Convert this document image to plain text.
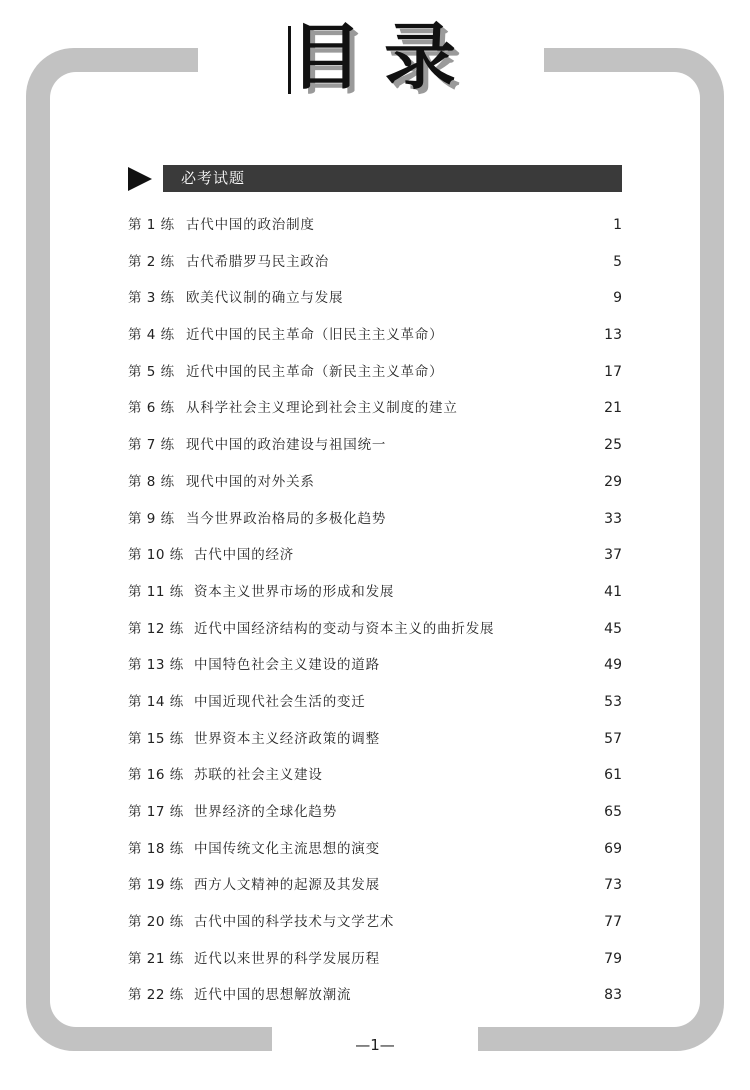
目录
必考试题
第 1 练 古代中国的政治制度	1
第 2 练 古代希腊罗马民主政治	5
第 3 练 欧美代议制的确立与发展	9
第 4 练 近代中国的民主革命（旧民主主义革命）	13
第 5 练 近代中国的民主革命（新民主主义革命）	17
第 6 练 从科学社会主义理论到社会主义制度的建立	21
第 7 练 现代中国的政治建设与祖国统一	25
第 8 练 现代中国的对外关系	29
第 9 练 当今世界政治格局的多极化趋势	33
第 10 练 古代中国的经济	37
第 11 练 资本主义世界市场的形成和发展	41
第 12 练 近代中国经济结构的变动与资本主义的曲折发展	45
第 13 练 中国特色社会主义建设的道路	49
第 14 练 中国近现代社会生活的变迁	53
第 15 练 世界资本主义经济政策的调整	57
第 16 练 苏联的社会主义建设	61
第 17 练 世界经济的全球化趋势	65
第 18 练 中国传统文化主流思想的演变	69
第 19 练 西方人文精神的起源及其发展	73
第 20 练 古代中国的科学技术与文学艺术	77
第 21 练 近代以来世界的科学发展历程	79
第 22 练 近代中国的思想解放潮流	83
—1—
